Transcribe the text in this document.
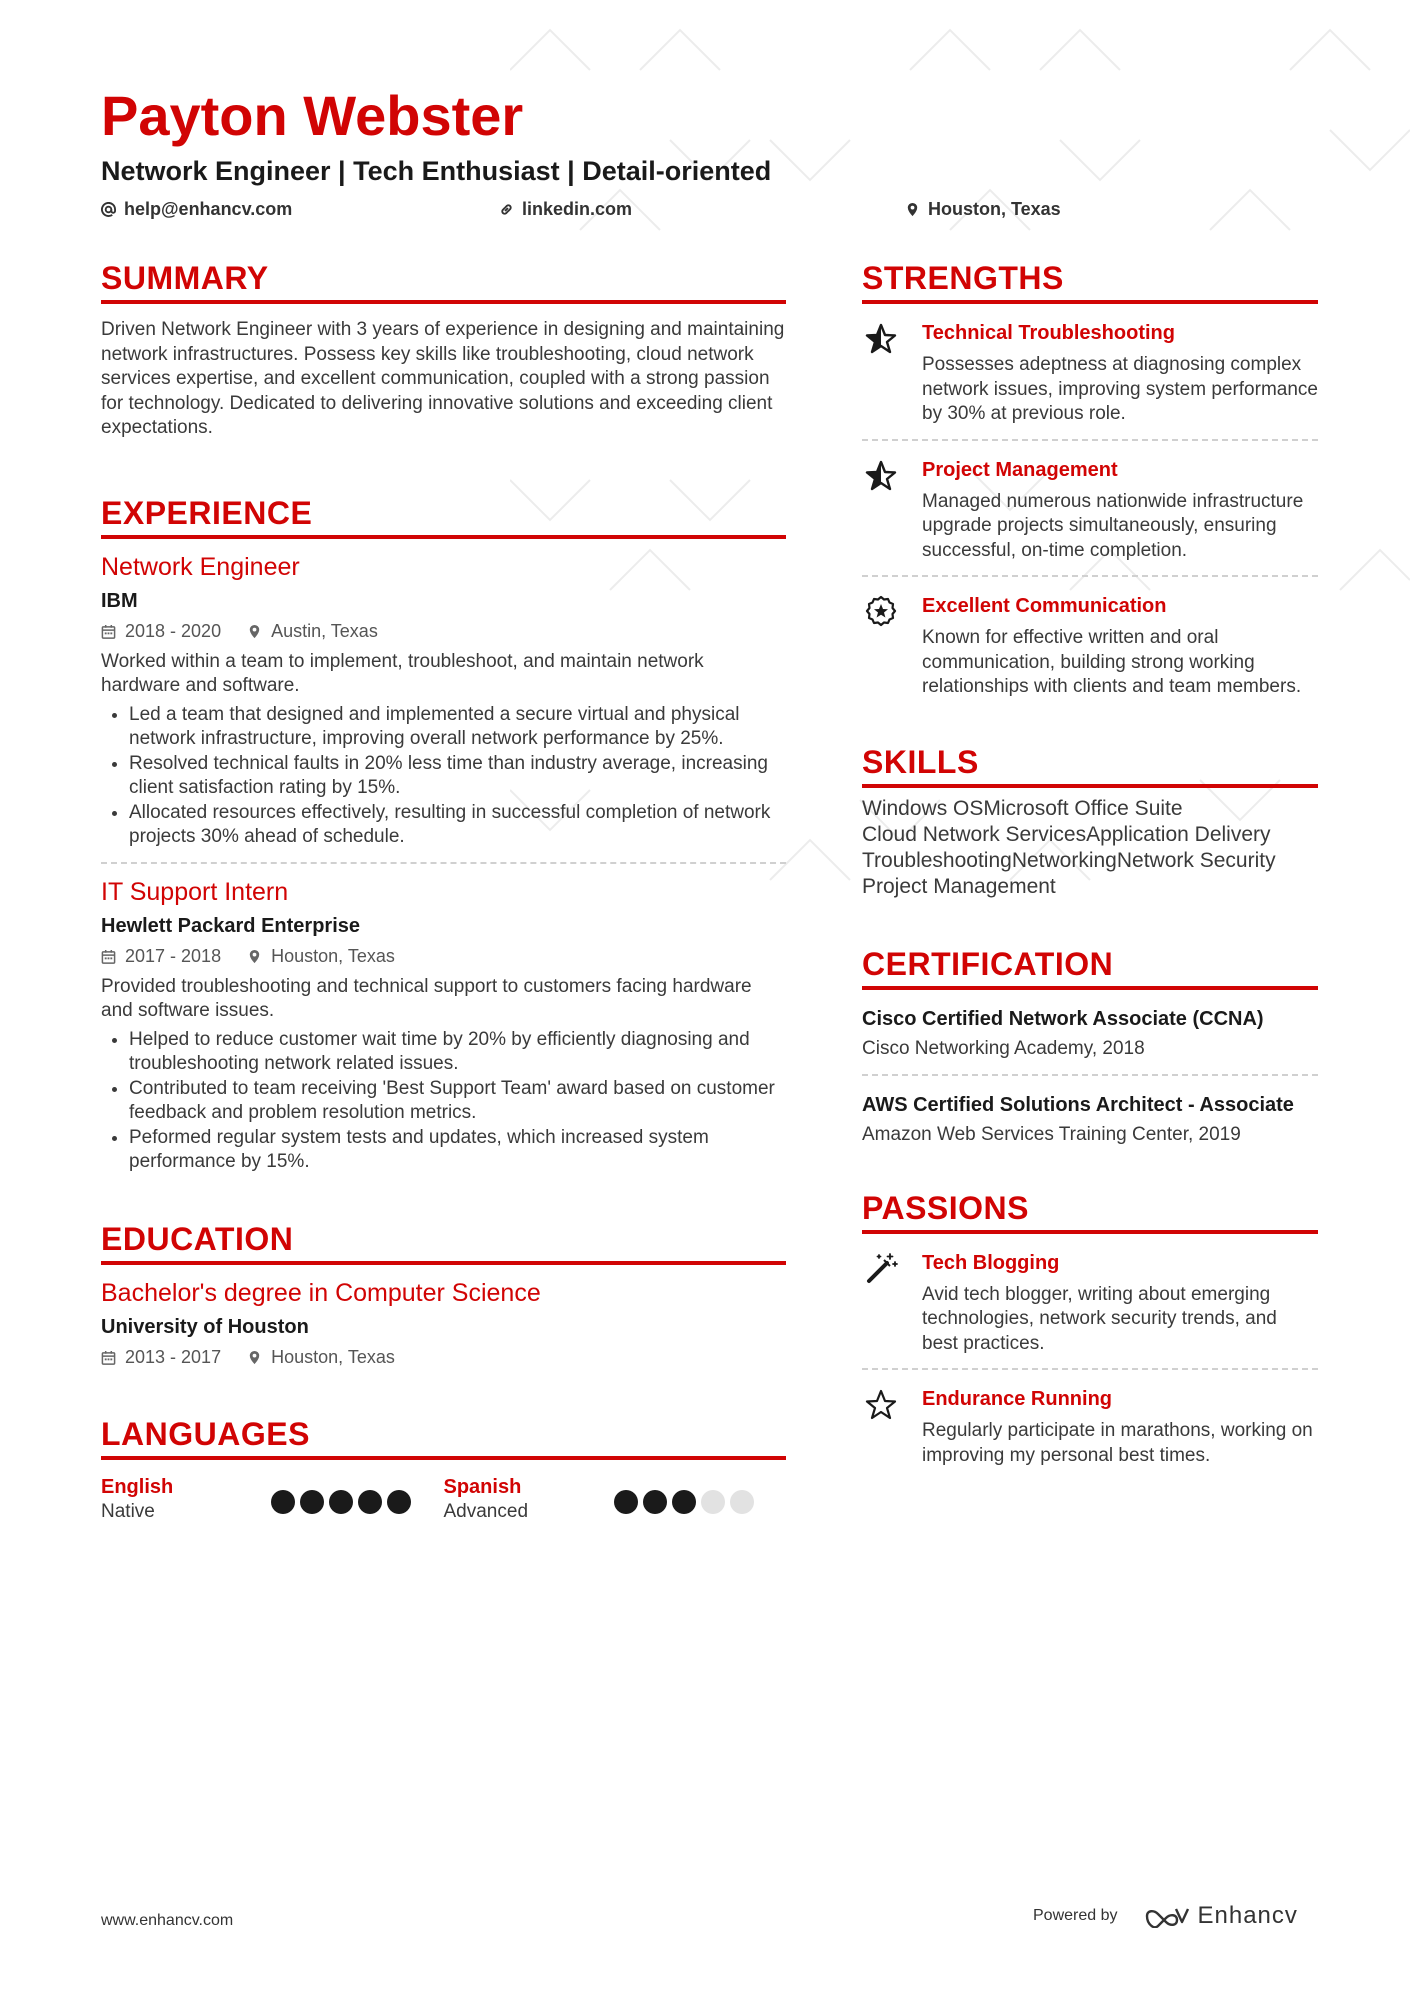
Payton Webster
Network Engineer | Tech Enthusiast | Detail-oriented
help@enhancv.com	linkedin.com	Houston, Texas
SUMMARY
Driven Network Engineer with 3 years of experience in designing and maintaining network infrastructures. Possess key skills like troubleshooting, cloud network services expertise, and excellent communication, coupled with a strong passion for technology. Dedicated to delivering innovative solutions and exceeding client expectations.
EXPERIENCE
Network Engineer
IBM
2018 - 2020	Austin, Texas
Worked within a team to implement, troubleshoot, and maintain network hardware and software.
• Led a team that designed and implemented a secure virtual and physical network infrastructure, improving overall network performance by 25%.
• Resolved technical faults in 20% less time than industry average, increasing client satisfaction rating by 15%.
• Allocated resources effectively, resulting in successful completion of network projects 30% ahead of schedule.
IT Support Intern
Hewlett Packard Enterprise
2017 - 2018	Houston, Texas
Provided troubleshooting and technical support to customers facing hardware and software issues.
• Helped to reduce customer wait time by 20% by efficiently diagnosing and troubleshooting network related issues.
• Contributed to team receiving 'Best Support Team' award based on customer feedback and problem resolution metrics.
• Peformed regular system tests and updates, which increased system performance by 15%.
EDUCATION
Bachelor's degree in Computer Science
University of Houston
2013 - 2017	Houston, Texas
LANGUAGES
English
Native
Spanish
Advanced
STRENGTHS
Technical Troubleshooting
Possesses adeptness at diagnosing complex network issues, improving system performance by 30% at previous role.
Project Management
Managed numerous nationwide infrastructure upgrade projects simultaneously, ensuring successful, on-time completion.
Excellent Communication
Known for effective written and oral communication, building strong working relationships with clients and team members.
SKILLS
Windows OSMicrosoft Office Suite
Cloud Network ServicesApplication Delivery
TroubleshootingNetworkingNetwork Security
Project Management
CERTIFICATION
Cisco Certified Network Associate (CCNA)
Cisco Networking Academy, 2018
AWS Certified Solutions Architect - Associate
Amazon Web Services Training Center, 2019
PASSIONS
Tech Blogging
Avid tech blogger, writing about emerging technologies, network security trends, and best practices.
Endurance Running
Regularly participate in marathons, working on improving my personal best times.
www.enhancv.com	Powered by	Enhancv
